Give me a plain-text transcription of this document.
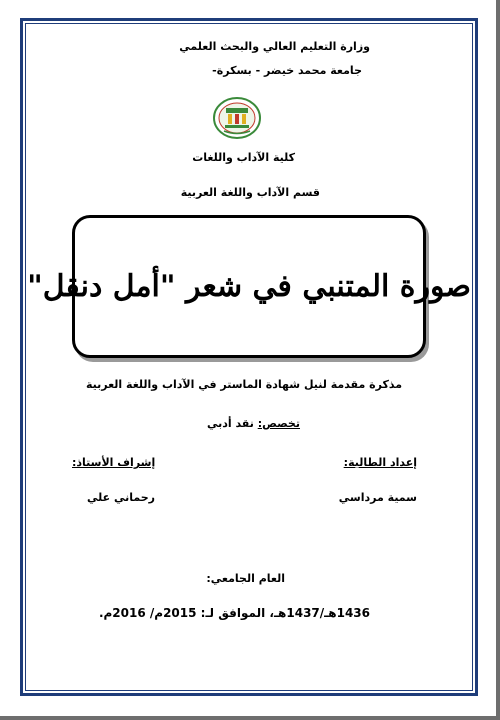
وزارة التعليم العالي والبحث العلمي
جامعة محمد خيضر - بسكرة-
كلية الآداب واللغات
قسم الآداب واللغة العربية
صورة المتنبي في شعر "أمل دنقل"
مذكرة مقدمة لنيل شهادة الماستر في الآداب واللغة العربية
تخصص: نقد أدبي
إعداد الطالبة:
إشراف الأستاذ:
سمية مرداسي
رحماني علي
العام الجامعي:
1436هـ/1437هـ، الموافق لـ: 2015م/ 2016م.
